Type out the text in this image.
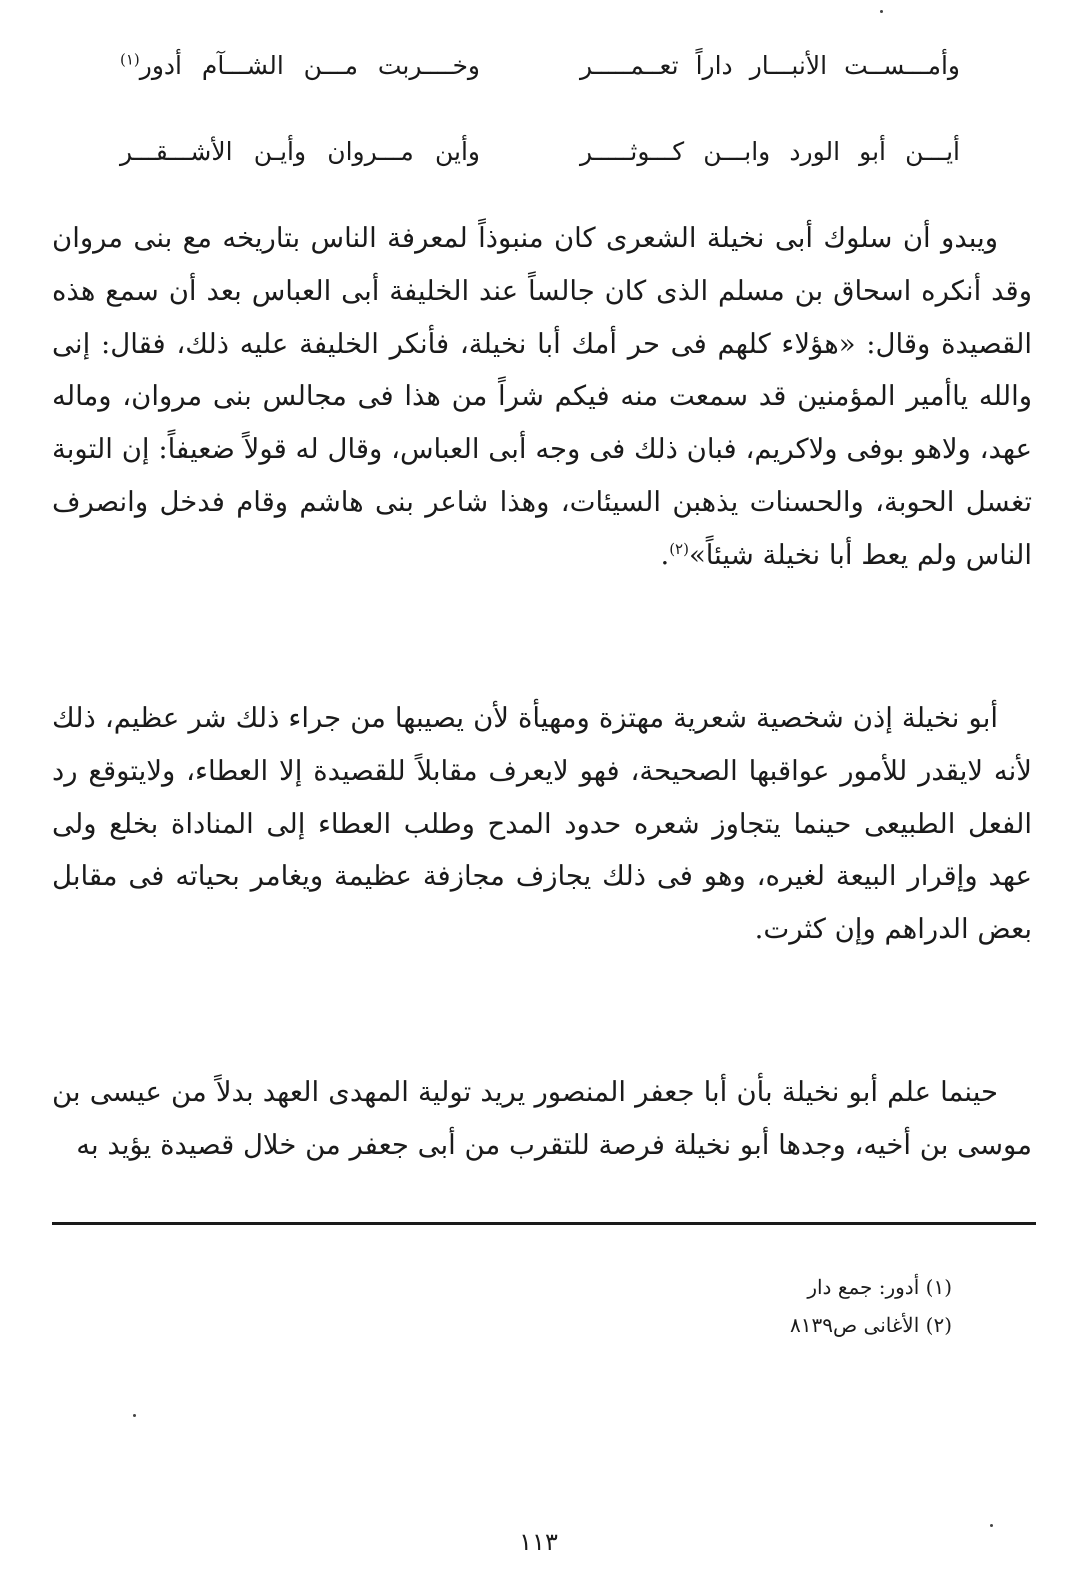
وأمـــســت الأنبـــار داراً تعــمـــــر
وخــــربت مـــن الشـــآم أدور$^{(١)}$
أيـــن أبو الورد وابـــن كـــوثـــــر
وأين مـــروان وأيـن الأشـــقـــر

ويبدو أن سلوك أبى نخيلة الشعرى كان منبوذاً لمعرفة الناس بتاريخه مع بنى مروان وقد أنكره اسحاق بن مسلم الذى كان جالساً عند الخليفة أبى العباس بعد أن سمع هذه القصيدة وقال: «هؤلاء كلهم فى حر أمك أبا نخيلة، فأنكر الخليفة عليه ذلك، فقال: إنى والله ياأمير المؤمنين قد سمعت منه فيكم شراً من هذا فى مجالس بنى مروان، وماله عهد، ولاهو بوفى ولاكريم، فبان ذلك فى وجه أبى العباس، وقال له قولاً ضعيفاً: إن التوبة تغسل الحوبة، والحسنات يذهبن السيئات، وهذا شاعر بنى هاشم وقام فدخل وانصرف الناس ولم يعط أبا نخيلة شيئاً»$^{(٢)}$.

أبو نخيلة إذن شخصية شعرية مهتزة ومهيأة لأن يصيبها من جراء ذلك شر عظيم، ذلك لأنه لايقدر للأمور عواقبها الصحيحة، فهو لايعرف مقابلاً للقصيدة إلا العطاء، ولايتوقع رد الفعل الطبيعى حينما يتجاوز شعره حدود المدح وطلب العطاء إلى المناداة بخلع ولى عهد وإقرار البيعة لغيره، وهو فى ذلك يجازف مجازفة عظيمة ويغامر بحياته فى مقابل بعض الدراهم وإن كثرت.

حينما علم أبو نخيلة بأن أبا جعفر المنصور يريد تولية المهدى العهد بدلاً من عيسى بن موسى بن أخيه، وجدها أبو نخيلة فرصة للتقرب من أبى جعفر من خلال قصيدة يؤيد به

(١) أدور: جمع دار
(٢) الأغانى ص٨١٣٩
١١٣
